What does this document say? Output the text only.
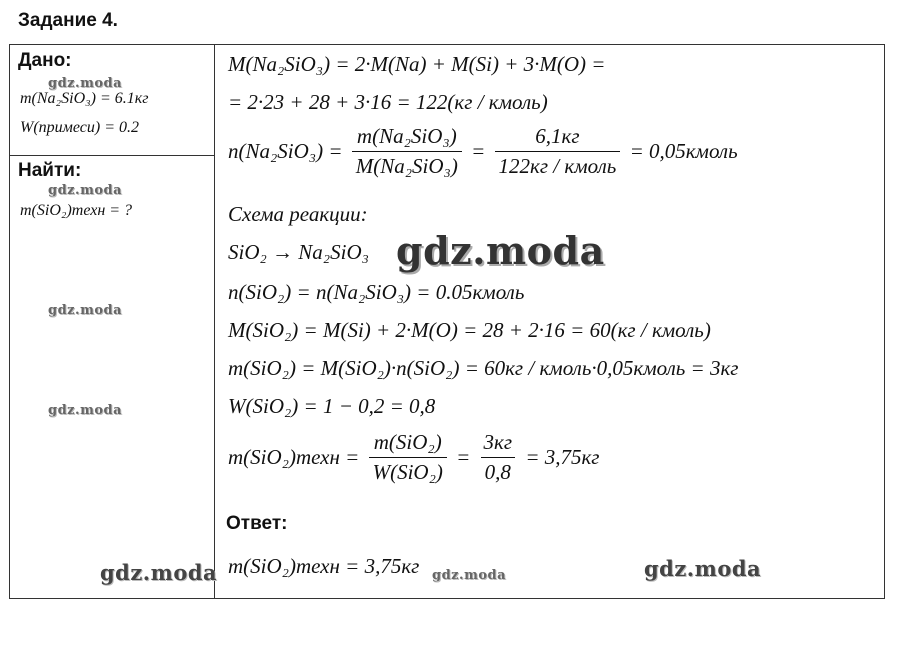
Задание 4.
Дано:
m(Na₂SiO₃) = 6.1кг
W(примеси) = 0.2
Найти:
m(SiO₂)техн = ?
M(Na₂SiO₃) = 2·M(Na) + M(Si) + 3·M(O) =
= 2·23 + 28 + 3·16 = 122(кг / кмоль)
$n(Na_2SiO_3) = \frac{\text{m(Na₂SiO₃)}}{\text{M(Na₂SiO₃)}} = \frac{6,1кг}{\text{122кг / кмоль}}$ = 0,05кмоль
Схема реакции:
SiO₂ → Na₂SiO₃
n(SiO₂) = n(Na₂SiO₃) = 0.05кмоль
M(SiO₂) = M(Si) + 2·M(O) = 28 + 2·16 = 60(кг / кмоль)
m(SiO₂) = M(SiO₂)·n(SiO₂) = 60кг / кмоль·0,05кмоль = 3кг
W(SiO₂) = 1 − 0,2 = 0,8
m(SiO₂)техн = $\frac{\text{m(SiO₂)}}{\text{W(SiO₂)}} = \frac{3кг}{0,8} = 3,75кг$
Ответ:
m(SiO₂)техн = 3,75кг
gdz.moda
gdz.moda
gdz.moda
gdz.moda
gdz.moda
gdz.moda	gdz.moda	gdz.moda
